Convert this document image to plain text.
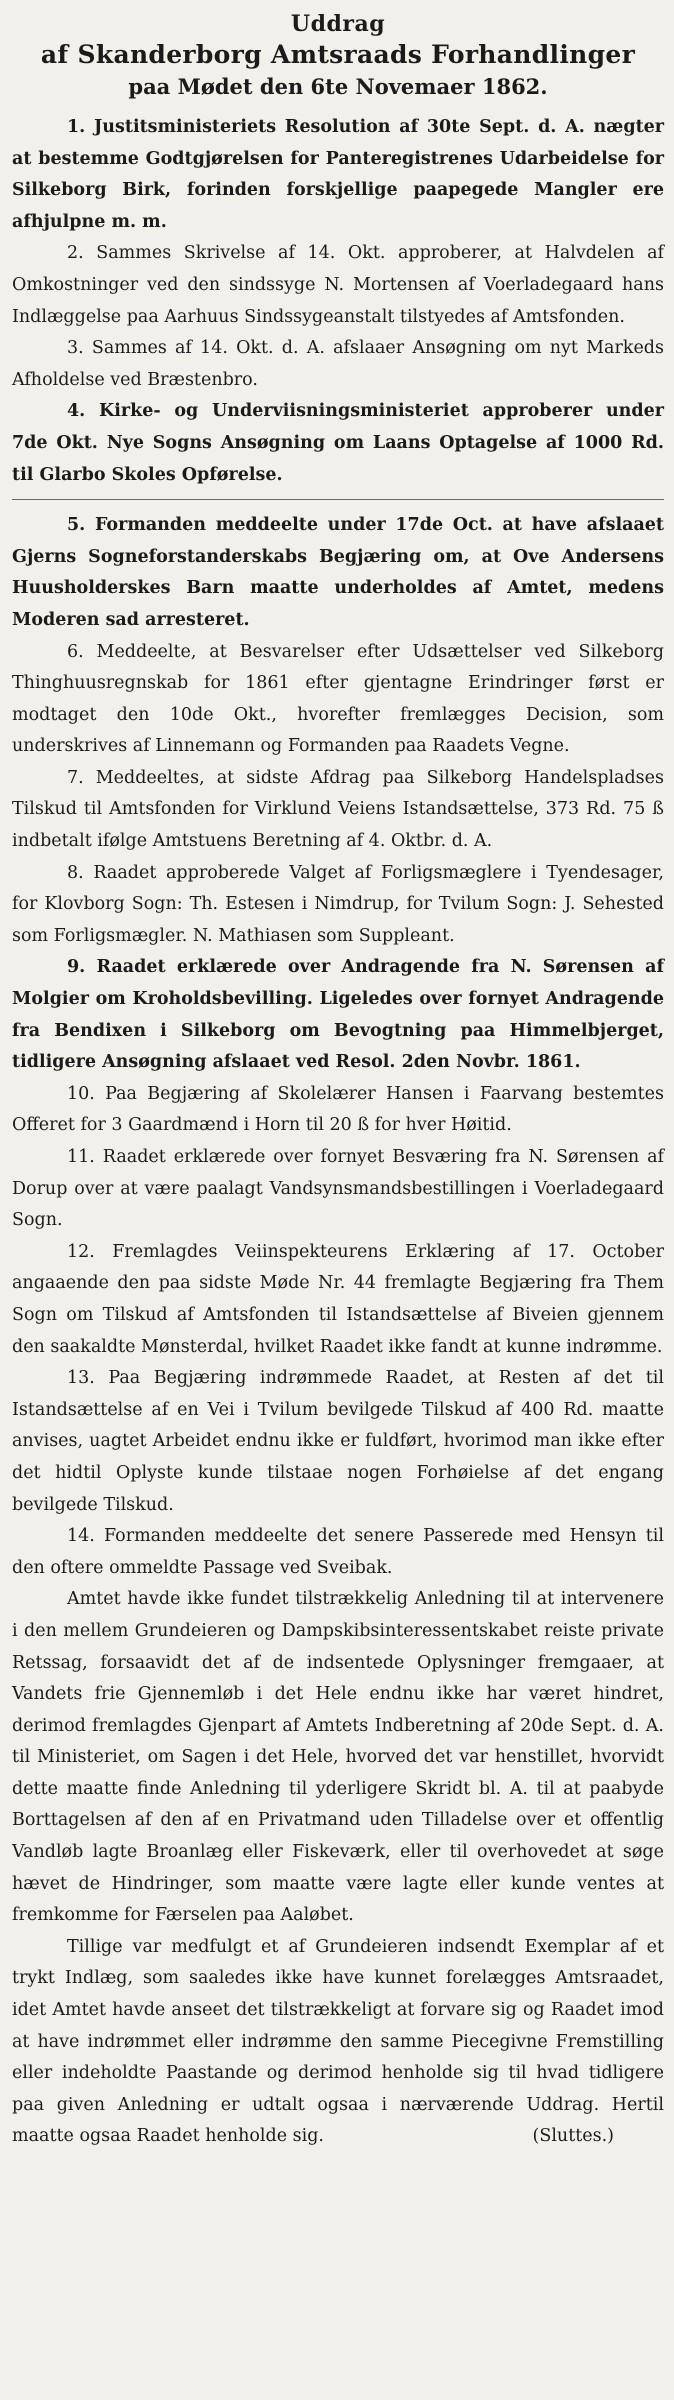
Uddrag

af Skanderborg Amtsraads Forhandlinger

paa Mødet den 6te Novemaer 1862.

1. Justitsministeriets Resolution af 30te Sept. d. A. nægter at bestemme Godtgjørelsen for Panteregistrenes Udarbeidelse for Silkeborg Birk, forinden forskjellige paapegede Mangler ere afhjulpne m. m.

2. Sammes Skrivelse af 14. Okt. approberer, at Halvdelen af Omkostninger ved den sindssyge N. Mortensen af Voerladegaard hans Indlæggelse paa Aarhuus Sindssygeanstalt tilstyedes af Amtsfonden.

3. Sammes af 14. Okt. d. A. afslaaer Ansøgning om nyt Markeds Afholdelse ved Bræstenbro.

4. Kirke- og Underviisningsministeriet approberer under 7de Okt. Nye Sogns Ansøgning om Laans Optagelse af 1000 Rd. til Glarbo Skoles Opførelse.

5. Formanden meddeelte under 17de Oct. at have afslaaet Gjerns Sogneforstanderskabs Begjæring om, at Ove Andersens Huusholderskes Barn maatte underholdes af Amtet, medens Moderen sad arresteret.

6. Meddeelte, at Besvarelser efter Udsættelser ved Silkeborg Thinghuusregnskab for 1861 efter gjentagne Erindringer først er modtaget den 10de Okt., hvorefter fremlægges Decision, som underskrives af Linnemann og Formanden paa Raadets Vegne.

7. Meddeeltes, at sidste Afdrag paa Silkeborg Handelspladses Tilskud til Amtsfonden for Virklund Veiens Istandsættelse, 373 Rd. 75 ß indbetalt ifølge Amtstuens Beretning af 4. Oktbr. d. A.

8. Raadet approberede Valget af Forligsmæglere i Tyendesager, for Klovborg Sogn: Th. Estesen i Nimdrup, for Tvilum Sogn: J. Sehested som Forligsmægler. N. Mathiasen som Suppleant.

9. Raadet erklærede over Andragende fra N. Sørensen af Molgier om Kroholdsbevilling. Ligeledes over fornyet Andragende fra Bendixen i Silkeborg om Bevogtning paa Himmelbjerget, tidligere Ansøgning afslaaet ved Resol. 2den Novbr. 1861.

10. Paa Begjæring af Skolelærer Hansen i Faarvang bestemtes Offeret for 3 Gaardmænd i Horn til 20 ß for hver Høitid.

11. Raadet erklærede over fornyet Besværing fra N. Sørensen af Dorup over at være paalagt Vandsynsmandsbestillingen i Voerladegaard Sogn.

12. Fremlagdes Veiinspekteurens Erklæring af 17. October angaaende den paa sidste Møde Nr. 44 fremlagte Begjæring fra Them Sogn om Tilskud af Amtsfonden til Istandsættelse af Biveien gjennem den saakaldte Mønsterdal, hvilket Raadet ikke fandt at kunne indrømme.

13. Paa Begjæring indrømmede Raadet, at Resten af det til Istandsættelse af en Vei i Tvilum bevilgede Tilskud af 400 Rd. maatte anvises, uagtet Arbeidet endnu ikke er fuldført, hvorimod man ikke efter det hidtil Oplyste kunde tilstaae nogen Forhøielse af det engang bevilgede Tilskud.

14. Formanden meddeelte det senere Passerede med Hensyn til den oftere ommeldte Passage ved Sveibak.

Amtet havde ikke fundet tilstrækkelig Anledning til at intervenere i den mellem Grundeieren og Dampskibsinteressentskabet reiste private Retssag, forsaavidt det af de indsentede Oplysninger fremgaaer, at Vandets frie Gjennemløb i det Hele endnu ikke har været hindret, derimod fremlagdes Gjenpart af Amtets Indberetning af 20de Sept. d. A. til Ministeriet, om Sagen i det Hele, hvorved det var henstillet, hvorvidt dette maatte finde Anledning til yderligere Skridt bl. A. til at paabyde Borttagelsen af den af en Privatmand uden Tilladelse over et offentlig Vandløb lagte Broanlæg eller Fiskeværk, eller til overhovedet at søge hævet de Hindringer, som maatte være lagte eller kunde ventes at fremkomme for Færselen paa Aaløbet.

Tillige var medfulgt et af Grundeieren indsendt Exemplar af et trykt Indlæg, som saaledes ikke have kunnet forelægges Amtsraadet, idet Amtet havde anseet det tilstrækkeligt at forvare sig og Raadet imod at have indrømmet eller indrømme den samme Piecegivne Fremstilling eller indeholdte Paastande og derimod henholde sig til hvad tidligere paa given Anledning er udtalt ogsaa i nærværende Uddrag. Hertil maatte ogsaa Raadet henholde sig.	(Sluttes.)
